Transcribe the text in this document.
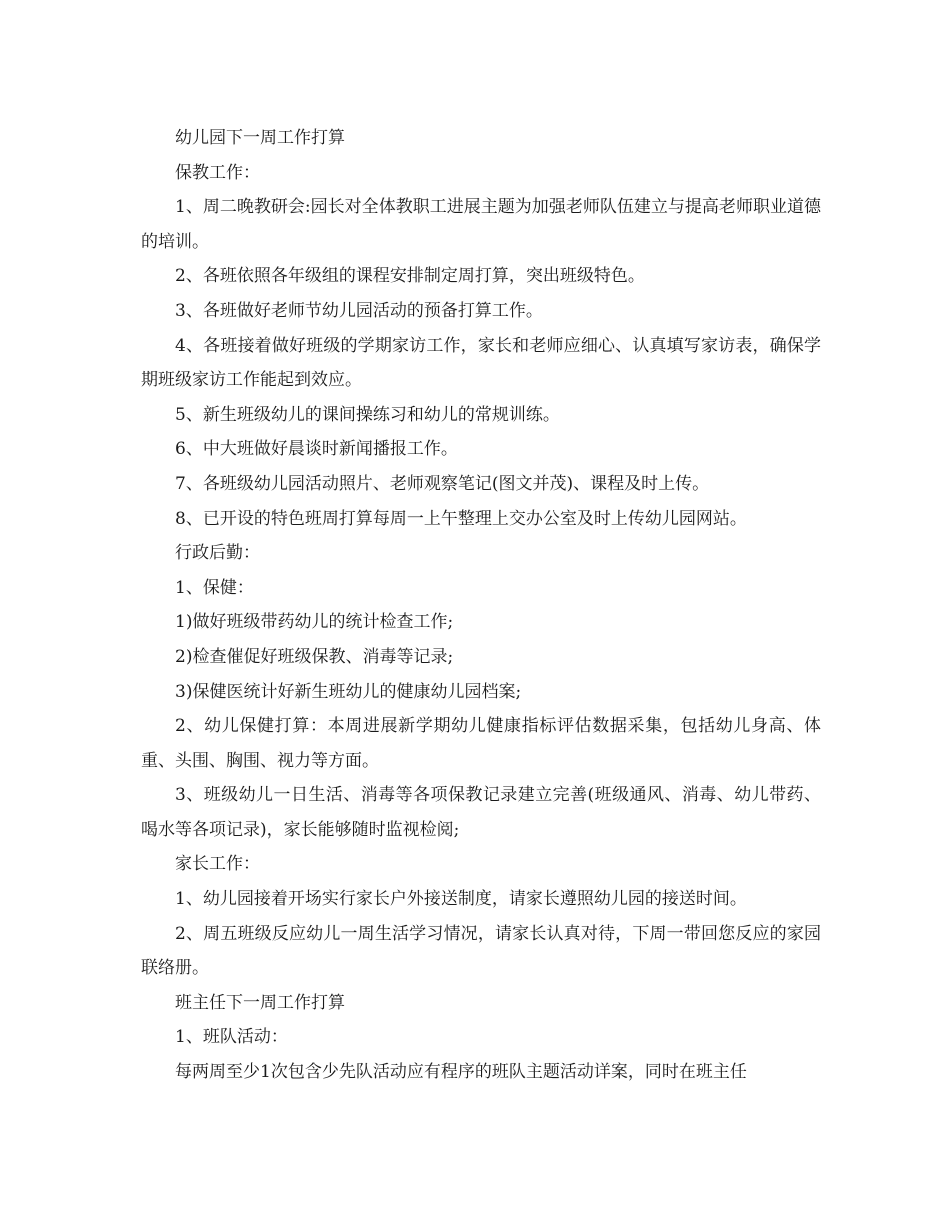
幼儿园下一周工作打算

保教工作：

1、周二晚教研会:园长对全体教职工进展主题为加强老师队伍建立与提高老师职业道德的培训。

2、各班依照各年级组的课程安排制定周打算，突出班级特色。

3、各班做好老师节幼儿园活动的预备打算工作。

4、各班接着做好班级的学期家访工作，家长和老师应细心、认真填写家访表，确保学期班级家访工作能起到效应。

5、新生班级幼儿的课间操练习和幼儿的常规训练。

6、中大班做好晨谈时新闻播报工作。

7、各班级幼儿园活动照片、老师观察笔记(图文并茂)、课程及时上传。

8、已开设的特色班周打算每周一上午整理上交办公室及时上传幼儿园网站。

行政后勤：

1、保健：

1)做好班级带药幼儿的统计检查工作;

2)检查催促好班级保教、消毒等记录;

3)保健医统计好新生班幼儿的健康幼儿园档案;

2、幼儿保健打算：本周进展新学期幼儿健康指标评估数据采集，包括幼儿身高、体重、头围、胸围、视力等方面。

3、班级幼儿一日生活、消毒等各项保教记录建立完善(班级通风、消毒、幼儿带药、喝水等各项记录)，家长能够随时监视检阅;

家长工作：

1、幼儿园接着开场实行家长户外接送制度，请家长遵照幼儿园的接送时间。

2、周五班级反应幼儿一周生活学习情况，请家长认真对待，下周一带回您反应的家园联络册。

班主任下一周工作打算

1、班队活动：

每两周至少1次包含少先队活动应有程序的班队主题活动详案，同时在班主任
